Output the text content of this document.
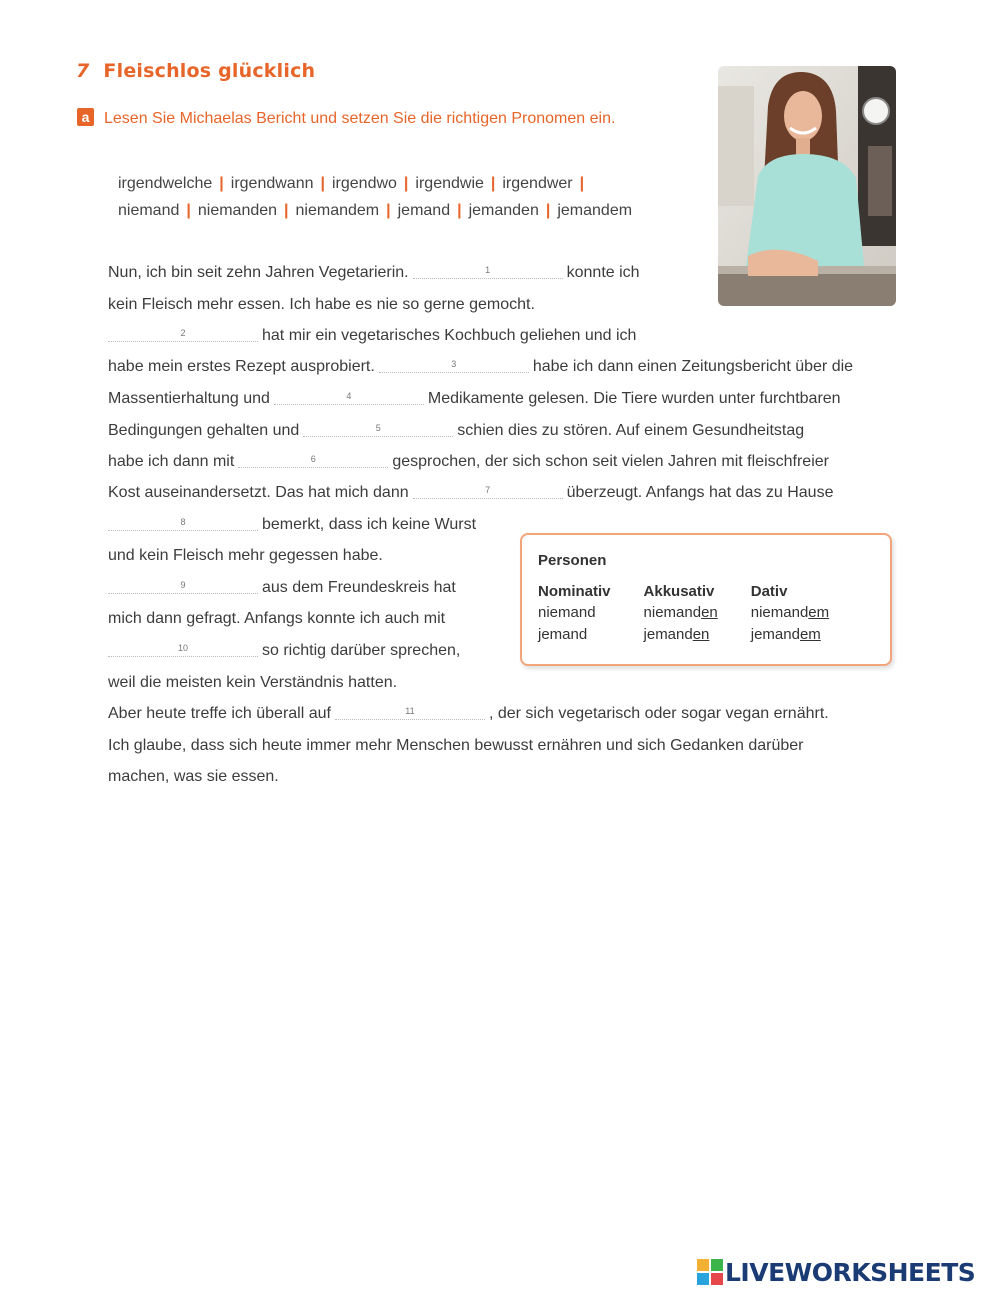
7 Fleischlos glücklich
a Lesen Sie Michaelas Bericht und setzen Sie die richtigen Pronomen ein.
irgendwelche | irgendwann | irgendwo | irgendwie | irgendwer |
niemand | niemanden | niemandem | jemand | jemanden | jemandem
Nun, ich bin seit zehn Jahren Vegetarierin.	1	konnte ich
kein Fleisch mehr essen. Ich habe es nie so gerne gemocht.
2	hat mir ein vegetarisches Kochbuch geliehen und ich
habe mein erstes Rezept ausprobiert.	3	habe ich dann einen Zeitungsbericht über die
Massentierhaltung und	4	Medikamente gelesen. Die Tiere wurden unter furchtbaren
Bedingungen gehalten und	5	schien dies zu stören. Auf einem Gesundheitstag
habe ich dann mit	6	gesprochen, der sich schon seit vielen Jahren mit fleischfreier
Kost auseinandersetzt. Das hat mich dann	7	überzeugt. Anfangs hat das zu Hause
8	bemerkt, dass ich keine Wurst
und kein Fleisch mehr gegessen habe.
9	aus dem Freundeskreis hat
mich dann gefragt. Anfangs konnte ich auch mit
10	so richtig darüber sprechen,
weil die meisten kein Verständnis hatten.
Aber heute treffe ich überall auf	11	, der sich vegetarisch oder sogar vegan ernährt.
Ich glaube, dass sich heute immer mehr Menschen bewusst ernähren und sich Gedanken darüber
machen, was sie essen.
Personen
Nominativ	Akkusativ	Dativ
niemand	niemanden	niemandem
jemand	jemanden	jemandem
LIVEWORKSHEETS
